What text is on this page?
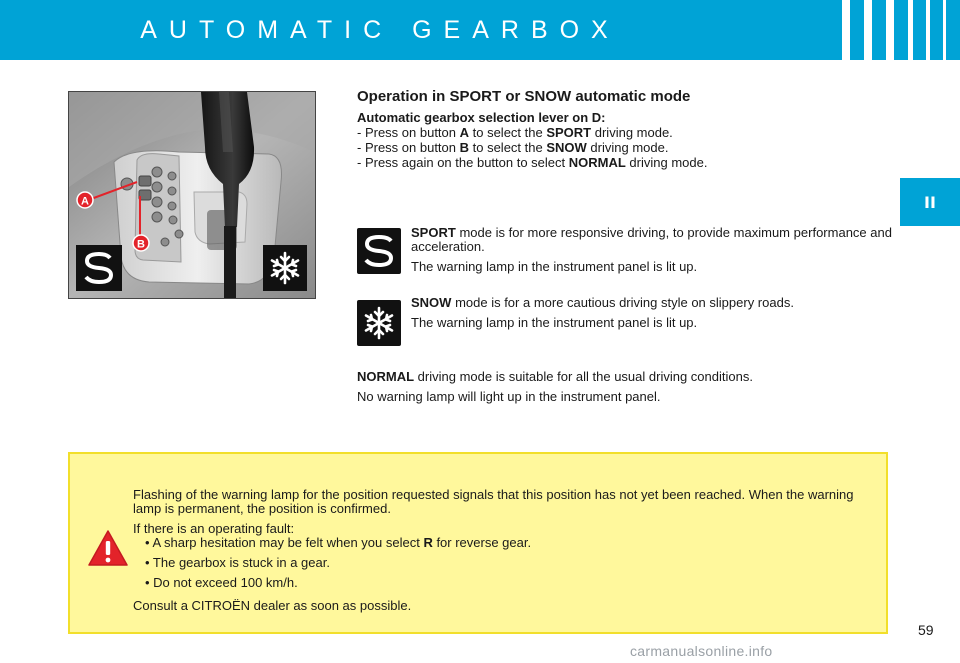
AUTOMATIC GEARBOX
II
A
B
Operation in SPORT or SNOW automatic mode
Automatic gearbox selection lever on D:
- Press on button A to select the SPORT driving mode.
- Press on button B to select the SNOW driving mode.
- Press again on the button to select NORMAL driving mode.

SPORT mode is for more responsive driving, to provide maximum performance and acceleration.

The warning lamp in the instrument panel is lit up.

SNOW mode is for a more cautious driving style on slippery roads.

The warning lamp in the instrument panel is lit up.

NORMAL driving mode is suitable for all the usual driving conditions.

No warning lamp will light up in the instrument panel.

Flashing of the warning lamp for the position requested signals that this position has not yet been reached. When the warning lamp is permanent, the position is confirmed.

If there is an operating fault:
• A sharp hesitation may be felt when you select R for reverse gear.
• The gearbox is stuck in a gear.
• Do not exceed 100 km/h.

Consult a CITROËN dealer as soon as possible.

59
carmanualsonline.info
